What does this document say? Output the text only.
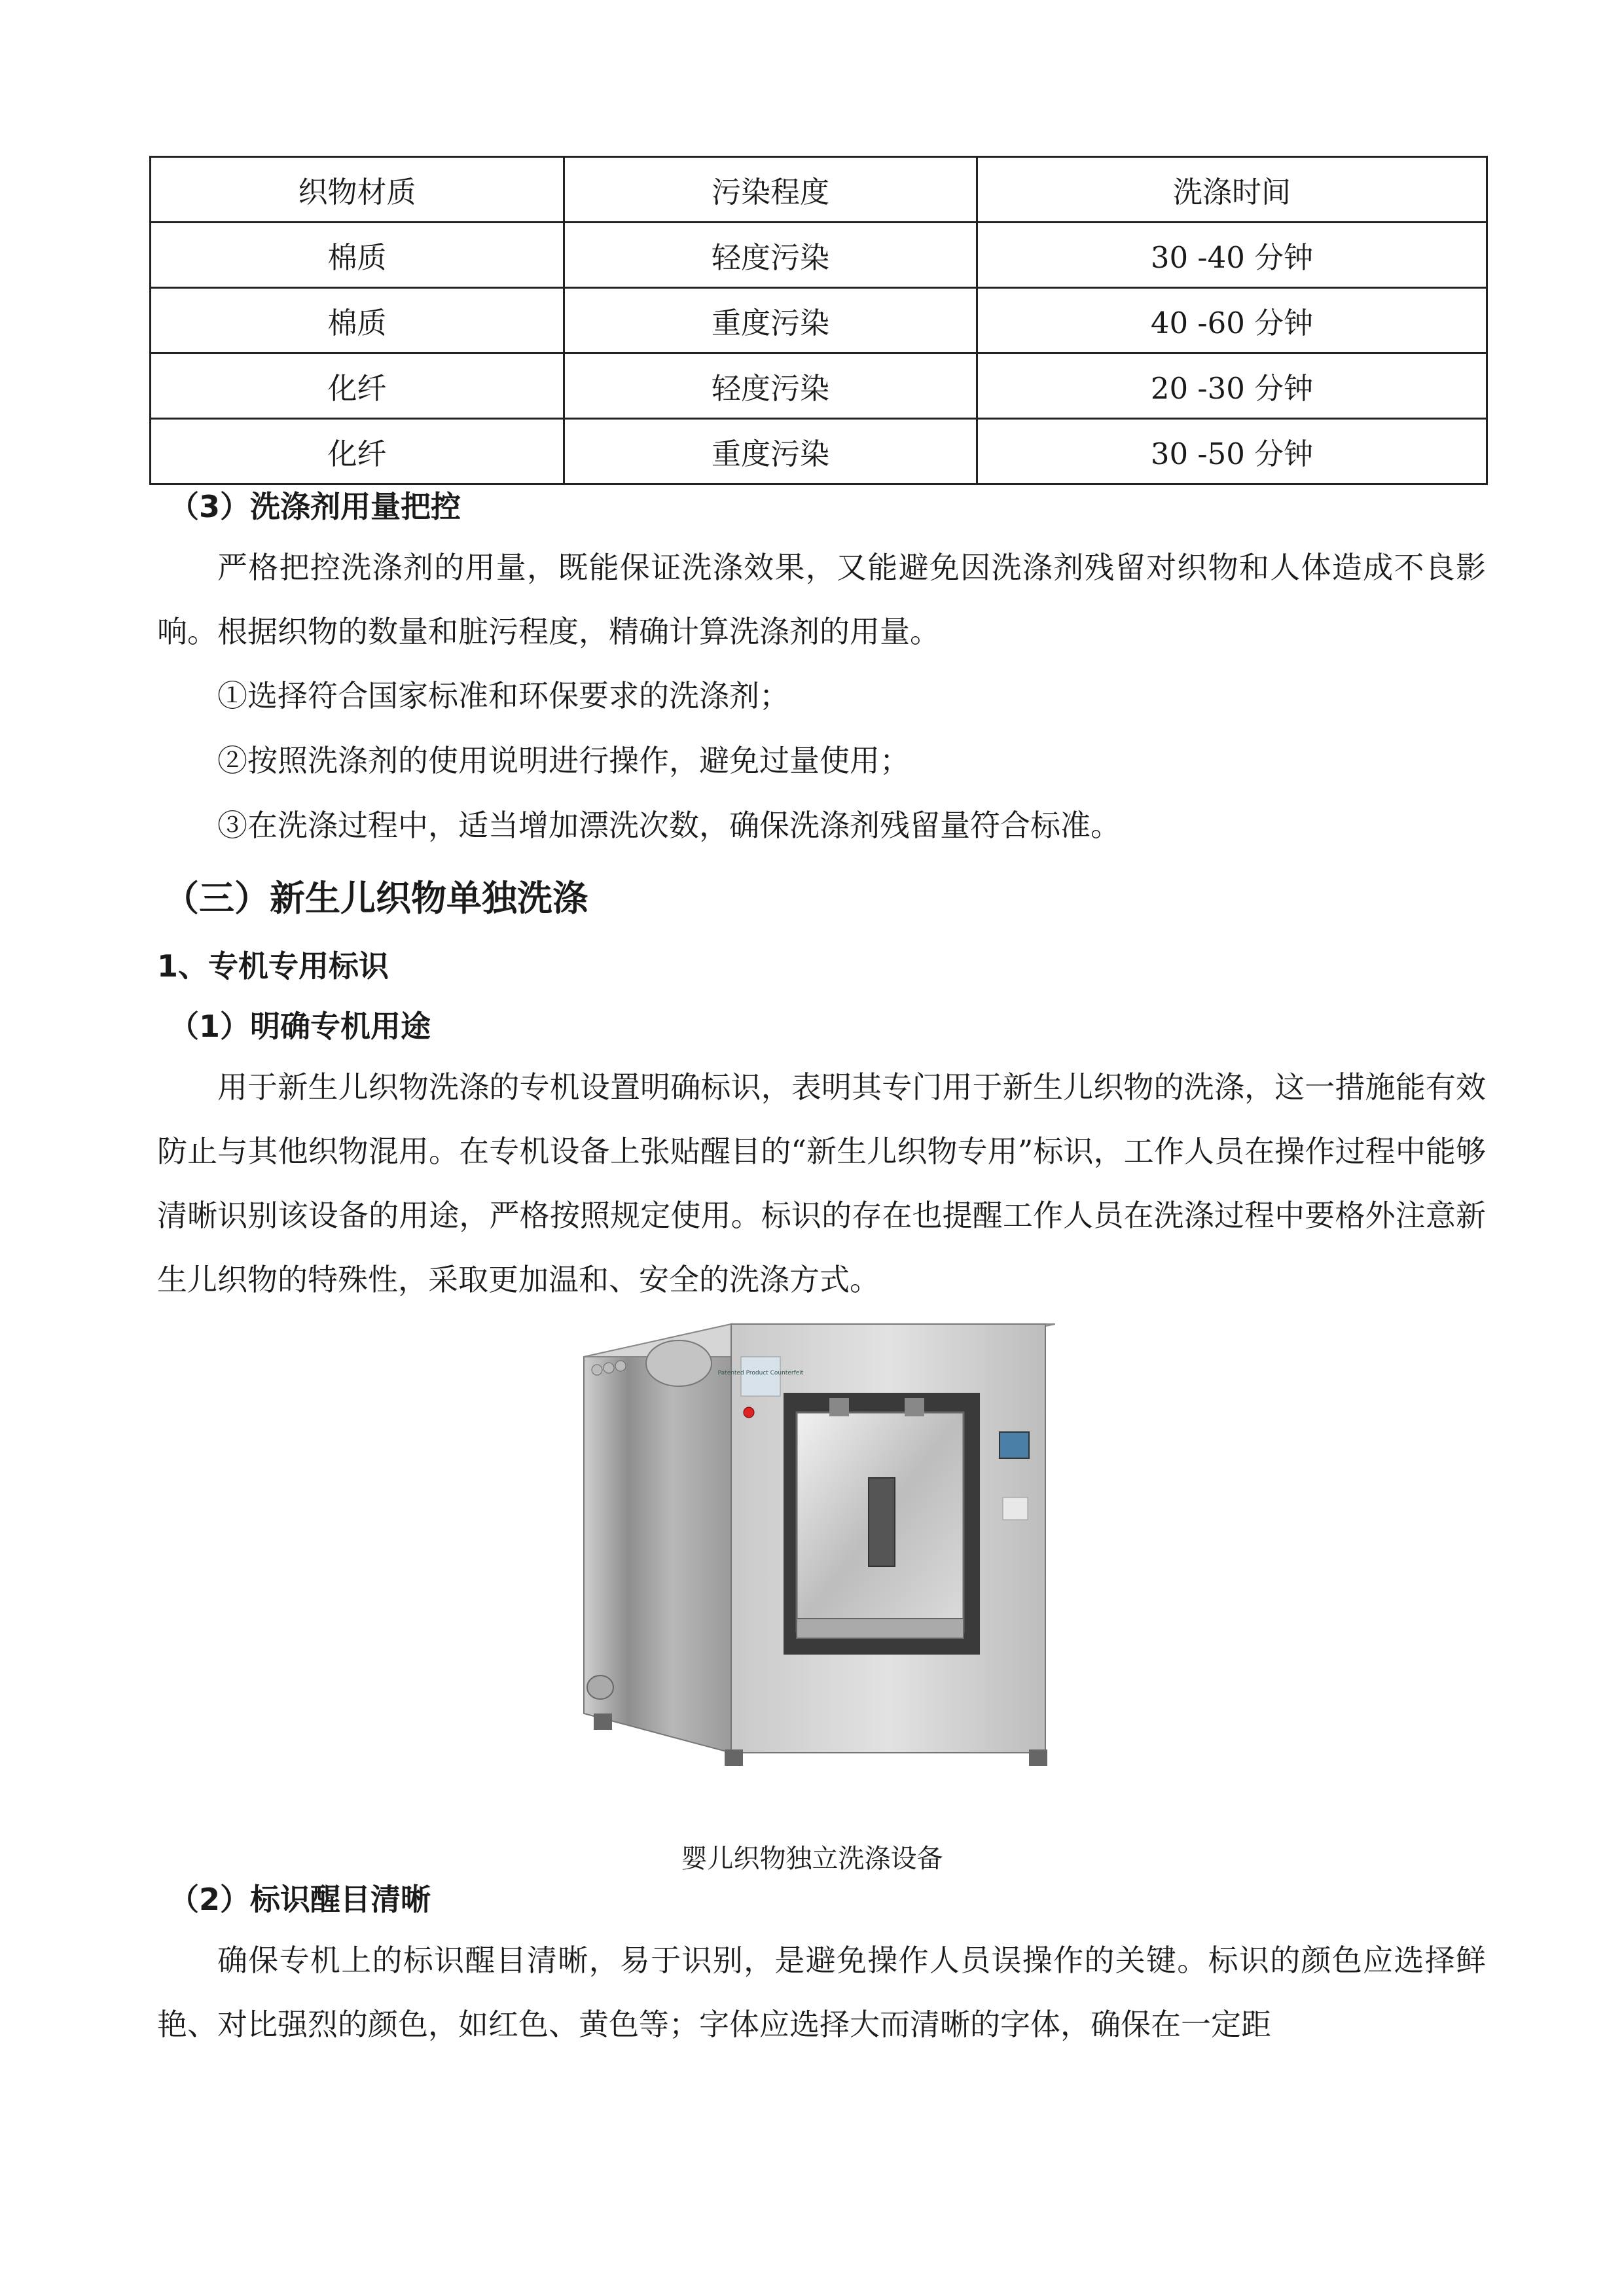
织物材质	污染程度	洗涤时间
棉质	轻度污染	30 -40 分钟
棉质	重度污染	40 -60 分钟
化纤	轻度污染	20 -30 分钟
化纤	重度污染	30 -50 分钟
（3）洗涤剂用量把控
严格把控洗涤剂的用量，既能保证洗涤效果，又能避免因洗涤剂残留对织物和人体造成不良影响。根据织物的数量和脏污程度，精确计算洗涤剂的用量。
①选择符合国家标准和环保要求的洗涤剂；
②按照洗涤剂的使用说明进行操作，避免过量使用；
③在洗涤过程中，适当增加漂洗次数，确保洗涤剂残留量符合标准。
（三）新生儿织物单独洗涤
1、专机专用标识
（1）明确专机用途
用于新生儿织物洗涤的专机设置明确标识，表明其专门用于新生儿织物的洗涤，这一措施能有效防止与其他织物混用。在专机设备上张贴醒目的“新生儿织物专用”标识，工作人员在操作过程中能够清晰识别该设备的用途，严格按照规定使用。标识的存在也提醒工作人员在洗涤过程中要格外注意新生儿织物的特殊性，采取更加温和、安全的洗涤方式。
Patented Product Counterfeit
婴儿织物独立洗涤设备
（2）标识醒目清晰
确保专机上的标识醒目清晰，易于识别，是避免操作人员误操作的关键。标识的颜色应选择鲜艳、对比强烈的颜色，如红色、黄色等；字体应选择大而清晰的字体，确保在一定距
